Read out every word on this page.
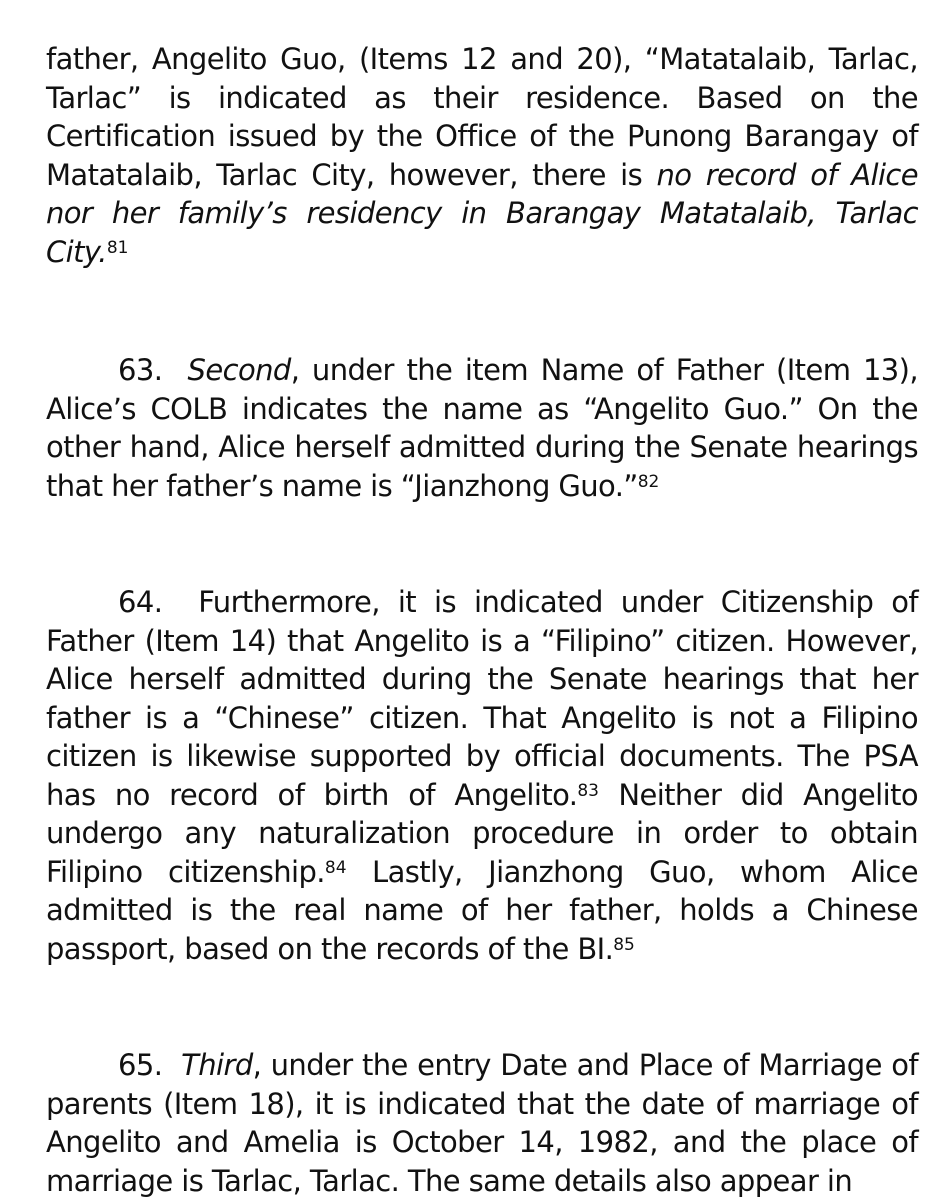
father, Angelito Guo, (Items 12 and 20), “Matatalaib, Tarlac, Tarlac” is indicated as their residence. Based on the Certification issued by the Office of the Punong Barangay of Matatalaib, Tarlac City, however, there is no record of Alice nor her family’s residency in Barangay Matatalaib, Tarlac City.$^{81}$

63. Second, under the item Name of Father (Item 13), Alice’s COLB indicates the name as “Angelito Guo.” On the other hand, Alice herself admitted during the Senate hearings that her father’s name is “Jianzhong Guo.”$^{82}$

64. Furthermore, it is indicated under Citizenship of Father (Item 14) that Angelito is a “Filipino” citizen. However, Alice herself admitted during the Senate hearings that her father is a “Chinese” citizen. That Angelito is not a Filipino citizen is likewise supported by official documents. The PSA has no record of birth of Angelito.$^{83}$ Neither did Angelito undergo any naturalization procedure in order to obtain Filipino citizenship.$^{84}$ Lastly, Jianzhong Guo, whom Alice admitted is the real name of her father, holds a Chinese passport, based on the records of the BI.$^{85}$

65. Third, under the entry Date and Place of Marriage of parents (Item 18), it is indicated that the date of marriage of Angelito and Amelia is October 14, 1982, and the place of marriage is Tarlac, Tarlac. The same details also appear in
